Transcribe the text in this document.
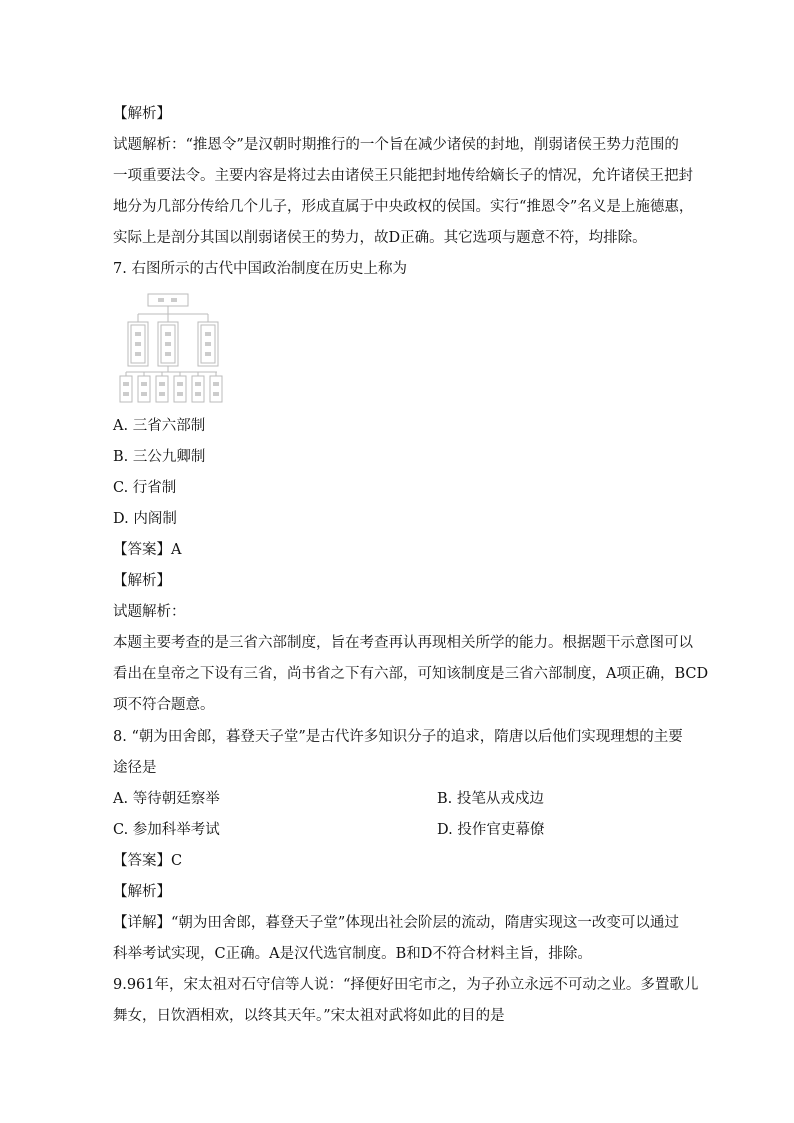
【解析】
试题解析：“推恩令”是汉朝时期推行的一个旨在减少诸侯的封地，削弱诸侯王势力范围的
一项重要法令。主要内容是将过去由诸侯王只能把封地传给嫡长子的情况，允许诸侯王把封
地分为几部分传给几个儿子，形成直属于中央政权的侯国。实行“推恩令”名义是上施德惠，
实际上是剖分其国以削弱诸侯王的势力，故D正确。其它选项与题意不符，均排除。
7. 右图所示的古代中国政治制度在历史上称为
A. 三省六部制
B. 三公九卿制
C. 行省制
D. 内阁制
【答案】A
【解析】
试题解析：
本题主要考查的是三省六部制度，旨在考查再认再现相关所学的能力。根据题干示意图可以
看出在皇帝之下设有三省，尚书省之下有六部，可知该制度是三省六部制度，A项正确，BCD
项不符合题意。
8. “朝为田舍郎，暮登天子堂”是古代许多知识分子的追求，隋唐以后他们实现理想的主要
途径是
A. 等待朝廷察举	B. 投笔从戎戍边
C. 参加科举考试	D. 投作官吏幕僚
【答案】C
【解析】
【详解】“朝为田舍郎，暮登天子堂”体现出社会阶层的流动，隋唐实现这一改变可以通过
科举考试实现，C正确。A是汉代选官制度。B和D不符合材料主旨，排除。
9.961年，宋太祖对石守信等人说：“择便好田宅市之，为子孙立永远不可动之业。多置歌儿
舞女，日饮酒相欢，以终其天年。”宋太祖对武将如此的目的是
